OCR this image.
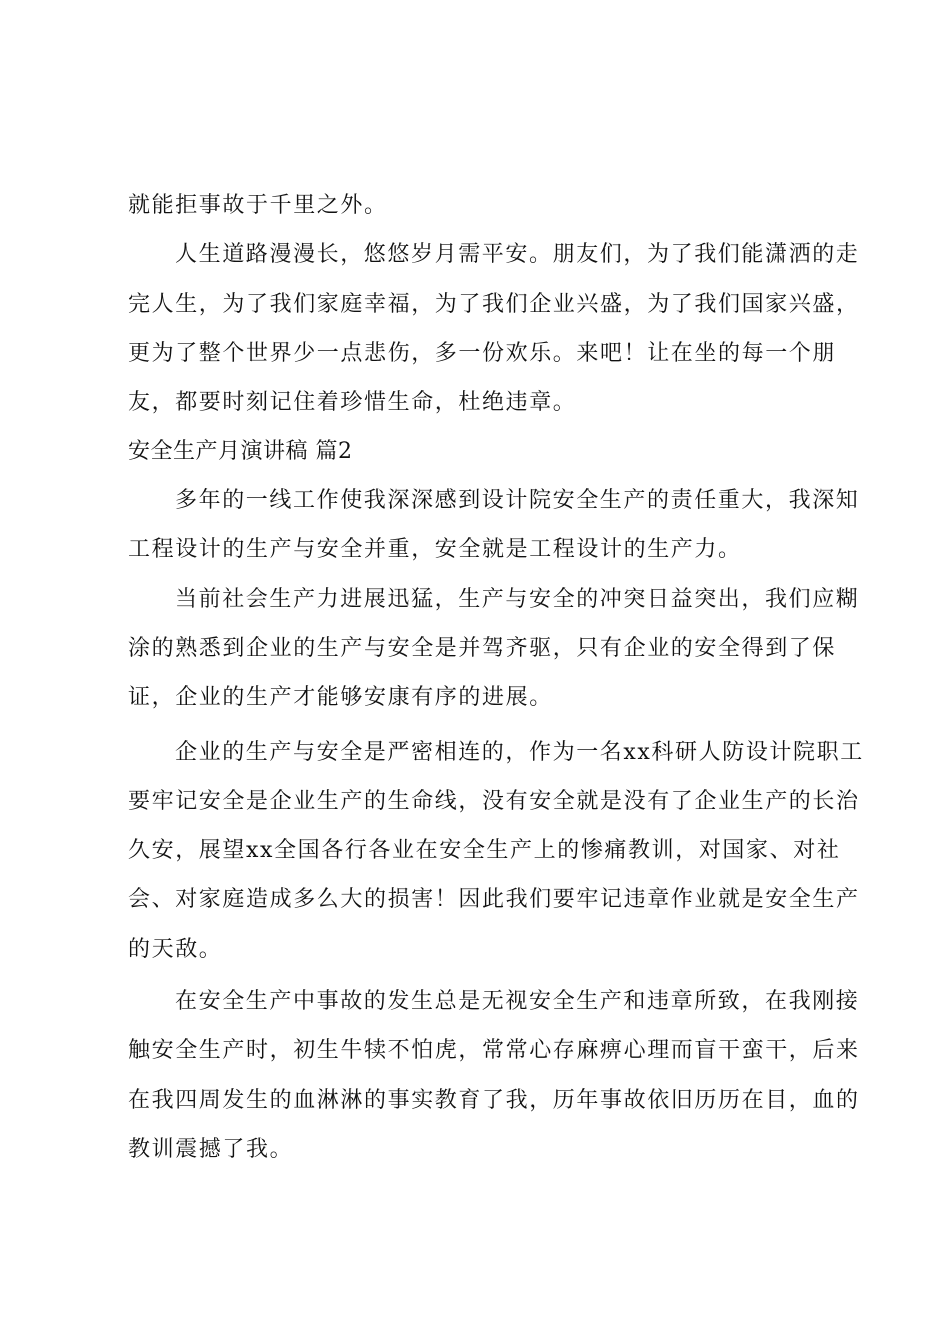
就能拒事故于千里之外。
人生道路漫漫长，悠悠岁月需平安。朋友们，为了我们能潇洒的走
完人生，为了我们家庭幸福，为了我们企业兴盛，为了我们国家兴盛，
更为了整个世界少一点悲伤，多一份欢乐。来吧！让在坐的每一个朋
友，都要时刻记住着珍惜生命，杜绝违章。
安全生产月演讲稿 篇2
多年的一线工作使我深深感到设计院安全生产的责任重大，我深知
工程设计的生产与安全并重，安全就是工程设计的生产力。
当前社会生产力进展迅猛，生产与安全的冲突日益突出，我们应糊
涂的熟悉到企业的生产与安全是并驾齐驱，只有企业的安全得到了保
证，企业的生产才能够安康有序的进展。
企业的生产与安全是严密相连的，作为一名xx科研人防设计院职工
要牢记安全是企业生产的生命线，没有安全就是没有了企业生产的长治
久安，展望xx全国各行各业在安全生产上的惨痛教训，对国家、对社
会、对家庭造成多么大的损害！因此我们要牢记违章作业就是安全生产
的天敌。
在安全生产中事故的发生总是无视安全生产和违章所致，在我刚接
触安全生产时，初生牛犊不怕虎，常常心存麻痹心理而盲干蛮干，后来
在我四周发生的血淋淋的事实教育了我，历年事故依旧历历在目，血的
教训震撼了我。
